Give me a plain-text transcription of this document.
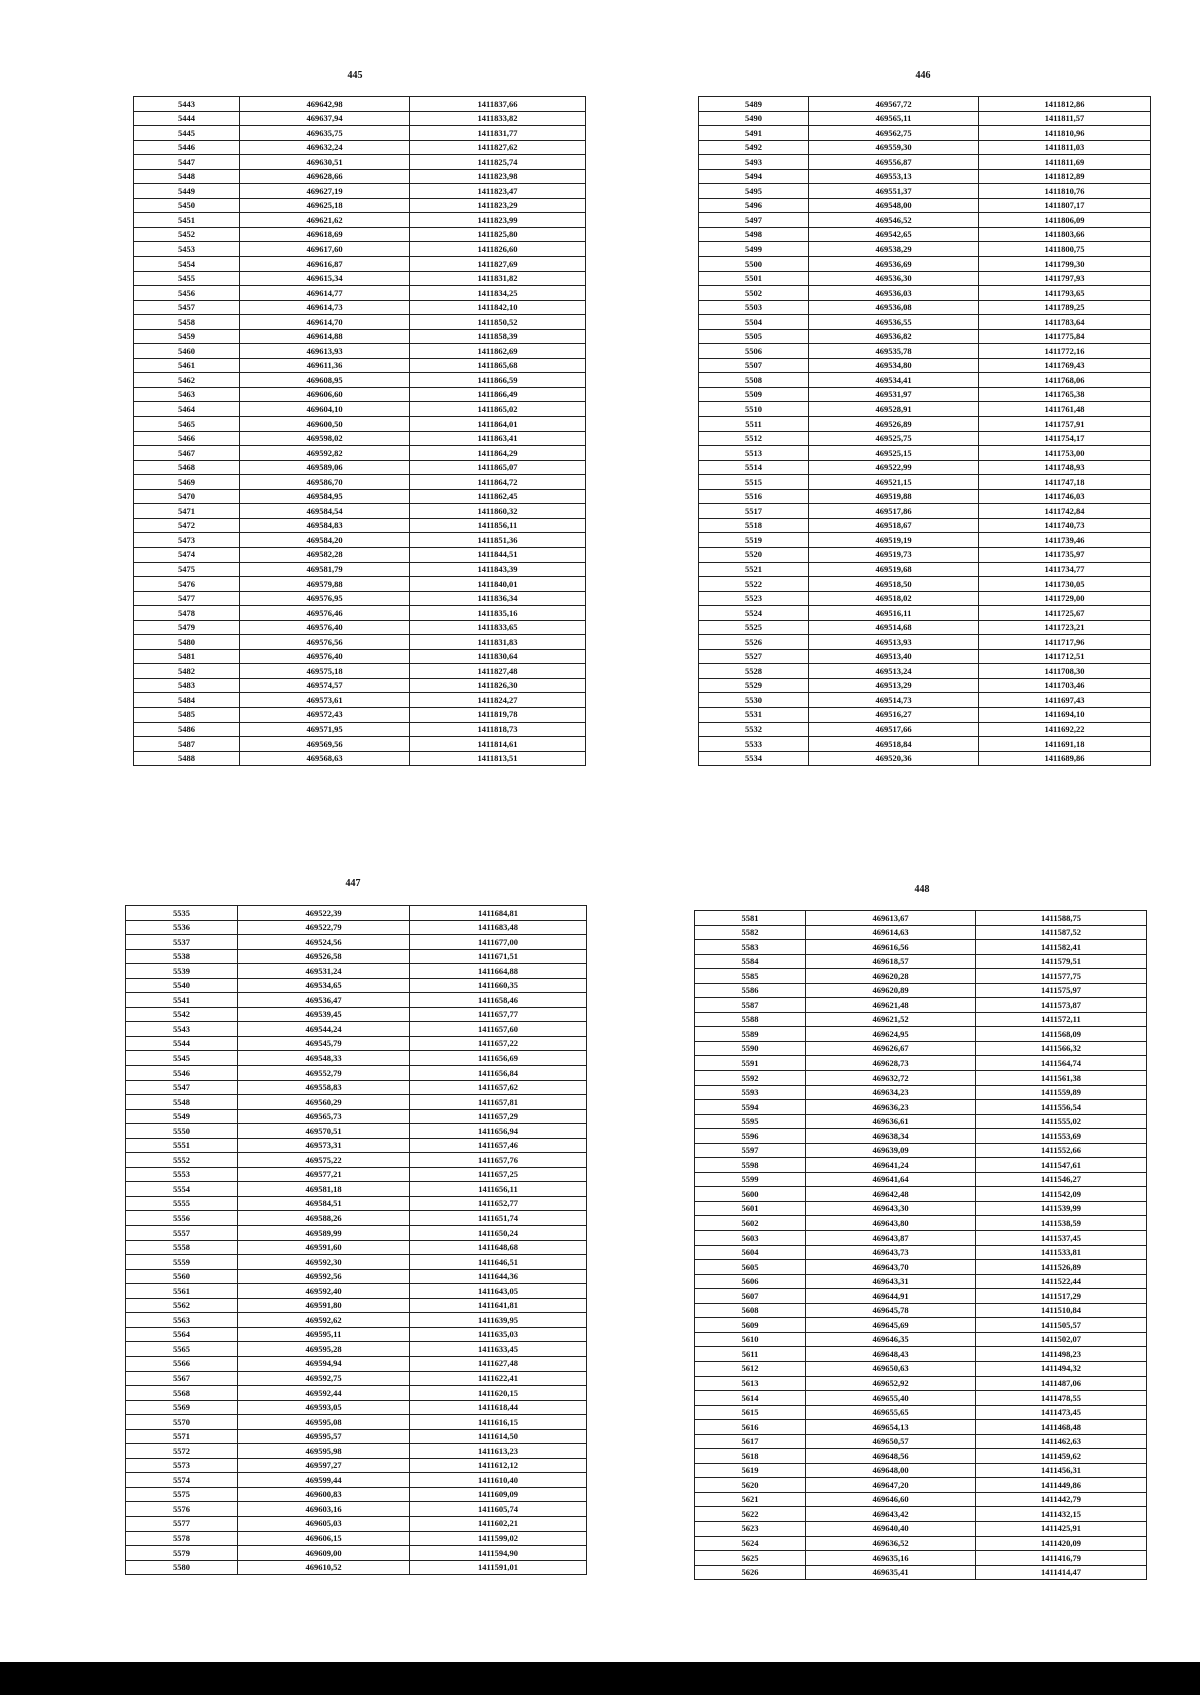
445
5443	469642,98	1411837,66
5444	469637,94	1411833,82
5445	469635,75	1411831,77
5446	469632,24	1411827,62
5447	469630,51	1411825,74
5448	469628,66	1411823,98
5449	469627,19	1411823,47
5450	469625,18	1411823,29
5451	469621,62	1411823,99
5452	469618,69	1411825,80
5453	469617,60	1411826,60
5454	469616,87	1411827,69
5455	469615,34	1411831,82
5456	469614,77	1411834,25
5457	469614,73	1411842,10
5458	469614,70	1411850,52
5459	469614,88	1411858,39
5460	469613,93	1411862,69
5461	469611,36	1411865,68
5462	469608,95	1411866,59
5463	469606,60	1411866,49
5464	469604,10	1411865,02
5465	469600,50	1411864,01
5466	469598,02	1411863,41
5467	469592,82	1411864,29
5468	469589,06	1411865,07
5469	469586,70	1411864,72
5470	469584,95	1411862,45
5471	469584,54	1411860,32
5472	469584,83	1411856,11
5473	469584,20	1411851,36
5474	469582,28	1411844,51
5475	469581,79	1411843,39
5476	469579,88	1411840,01
5477	469576,95	1411836,34
5478	469576,46	1411835,16
5479	469576,40	1411833,65
5480	469576,56	1411831,83
5481	469576,40	1411830,64
5482	469575,18	1411827,48
5483	469574,57	1411826,30
5484	469573,61	1411824,27
5485	469572,43	1411819,78
5486	469571,95	1411818,73
5487	469569,56	1411814,61
5488	469568,63	1411813,51
446
5489	469567,72	1411812,86
5490	469565,11	1411811,57
5491	469562,75	1411810,96
5492	469559,30	1411811,03
5493	469556,87	1411811,69
5494	469553,13	1411812,89
5495	469551,37	1411810,76
5496	469548,00	1411807,17
5497	469546,52	1411806,09
5498	469542,65	1411803,66
5499	469538,29	1411800,75
5500	469536,69	1411799,30
5501	469536,30	1411797,93
5502	469536,03	1411793,65
5503	469536,08	1411789,25
5504	469536,55	1411783,64
5505	469536,82	1411775,84
5506	469535,78	1411772,16
5507	469534,80	1411769,43
5508	469534,41	1411768,06
5509	469531,97	1411765,38
5510	469528,91	1411761,48
5511	469526,89	1411757,91
5512	469525,75	1411754,17
5513	469525,15	1411753,00
5514	469522,99	1411748,93
5515	469521,15	1411747,18
5516	469519,88	1411746,03
5517	469517,86	1411742,84
5518	469518,67	1411740,73
5519	469519,19	1411739,46
5520	469519,73	1411735,97
5521	469519,68	1411734,77
5522	469518,50	1411730,05
5523	469518,02	1411729,00
5524	469516,11	1411725,67
5525	469514,68	1411723,21
5526	469513,93	1411717,96
5527	469513,40	1411712,51
5528	469513,24	1411708,30
5529	469513,29	1411703,46
5530	469514,73	1411697,43
5531	469516,27	1411694,10
5532	469517,66	1411692,22
5533	469518,84	1411691,18
5534	469520,36	1411689,86
447
5535	469522,39	1411684,81
5536	469522,79	1411683,48
5537	469524,56	1411677,00
5538	469526,58	1411671,51
5539	469531,24	1411664,88
5540	469534,65	1411660,35
5541	469536,47	1411658,46
5542	469539,45	1411657,77
5543	469544,24	1411657,60
5544	469545,79	1411657,22
5545	469548,33	1411656,69
5546	469552,79	1411656,84
5547	469558,83	1411657,62
5548	469560,29	1411657,81
5549	469565,73	1411657,29
5550	469570,51	1411656,94
5551	469573,31	1411657,46
5552	469575,22	1411657,76
5553	469577,21	1411657,25
5554	469581,18	1411656,11
5555	469584,51	1411652,77
5556	469588,26	1411651,74
5557	469589,99	1411650,24
5558	469591,60	1411648,68
5559	469592,30	1411646,51
5560	469592,56	1411644,36
5561	469592,40	1411643,05
5562	469591,80	1411641,81
5563	469592,62	1411639,95
5564	469595,11	1411635,03
5565	469595,28	1411633,45
5566	469594,94	1411627,48
5567	469592,75	1411622,41
5568	469592,44	1411620,15
5569	469593,05	1411618,44
5570	469595,08	1411616,15
5571	469595,57	1411614,50
5572	469595,98	1411613,23
5573	469597,27	1411612,12
5574	469599,44	1411610,40
5575	469600,83	1411609,09
5576	469603,16	1411605,74
5577	469605,03	1411602,21
5578	469606,15	1411599,02
5579	469609,00	1411594,90
5580	469610,52	1411591,01
448
5581	469613,67	1411588,75
5582	469614,63	1411587,52
5583	469616,56	1411582,41
5584	469618,57	1411579,51
5585	469620,28	1411577,75
5586	469620,89	1411575,97
5587	469621,48	1411573,87
5588	469621,52	1411572,11
5589	469624,95	1411568,09
5590	469626,67	1411566,32
5591	469628,73	1411564,74
5592	469632,72	1411561,38
5593	469634,23	1411559,89
5594	469636,23	1411556,54
5595	469636,61	1411555,02
5596	469638,34	1411553,69
5597	469639,09	1411552,66
5598	469641,24	1411547,61
5599	469641,64	1411546,27
5600	469642,48	1411542,09
5601	469643,30	1411539,99
5602	469643,80	1411538,59
5603	469643,87	1411537,45
5604	469643,73	1411533,81
5605	469643,70	1411526,89
5606	469643,31	1411522,44
5607	469644,91	1411517,29
5608	469645,78	1411510,84
5609	469645,69	1411505,57
5610	469646,35	1411502,07
5611	469648,43	1411498,23
5612	469650,63	1411494,32
5613	469652,92	1411487,06
5614	469655,40	1411478,55
5615	469655,65	1411473,45
5616	469654,13	1411468,48
5617	469650,57	1411462,63
5618	469648,56	1411459,62
5619	469648,00	1411456,31
5620	469647,20	1411449,86
5621	469646,60	1411442,79
5622	469643,42	1411432,15
5623	469640,40	1411425,91
5624	469636,52	1411420,09
5625	469635,16	1411416,79
5626	469635,41	1411414,47
